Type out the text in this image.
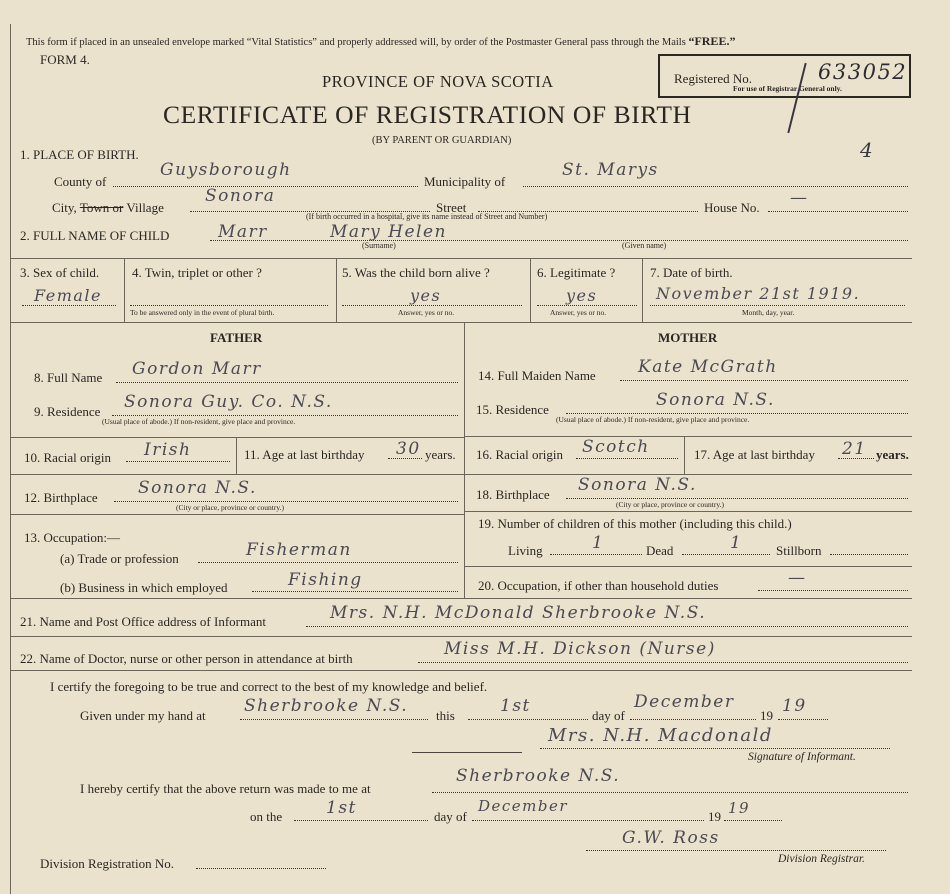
This form if placed in an unsealed envelope marked “Vital Statistics” and properly addressed will, by order of the Postmaster General pass through the Mails “FREE.”
FORM 4.
PROVINCE OF NOVA SCOTIA
CERTIFICATE OF REGISTRATION OF BIRTH
(BY PARENT OR GUARDIAN)
Registered No.	633052
For use of Registrar General only.
4
1. PLACE OF BIRTH.
County of
Guysborough
Municipality of
St. Marys
City, Town or Village
Sonora
Street	House No. —
(If birth occurred in a hospital, give its name instead of Street and Number)
2. FULL NAME OF CHILD	Marr	Mary Helen
(Surname)	(Given name)
3. Sex of child.
Female
4. Twin, triplet or other ?
To be answered only in the event of plural birth.
5. Was the child born alive ?
yes
Answer, yes or no.
6. Legitimate ?
yes
Answer, yes or no.
7. Date of birth.
November 21st 1919.
Month, day, year.
FATHER	MOTHER
8. Full Name Gordon Marr
9. Residence Sonora Guy. Co. N.S.
(Usual place of abode.) If non-resident, give place and province.
10. Racial origin Irish	11. Age at last birthday 30 years.
12. Birthplace Sonora N.S.
(City or place, province or country.)
13. Occupation:—
(a) Trade or profession	Fisherman
(b) Business in which employed	Fishing
14. Full Maiden Name Kate McGrath
15. Residence	Sonora N.S.
(Usual place of abode.) If non-resident, give place and province.
16. Racial origin Scotch	17. Age at last birthday 21 years.
18. Birthplace Sonora N.S.
(City or place, province or country.)
19. Number of children of this mother (including this child.)
Living	1	Dead	1	Stillborn
20. Occupation, if other than household duties	—
21. Name and Post Office address of Informant	Mrs. N.H. McDonald Sherbrooke N.S.
22. Name of Doctor, nurse or other person in attendance at birth	Miss M.H. Dickson (Nurse)
I certify the foregoing to be true and correct to the best of my knowledge and belief.
Given under my hand at Sherbrooke N.S. this	1st	day of
December
19 19
Mrs. N.H. Macdonald
Signature of Informant.
I hereby certify that the above return was made to me at
Sherbrooke N.S.
on the	1st	day of
December
19 19
G.W. Ross
Division Registrar.
Division Registration No.
